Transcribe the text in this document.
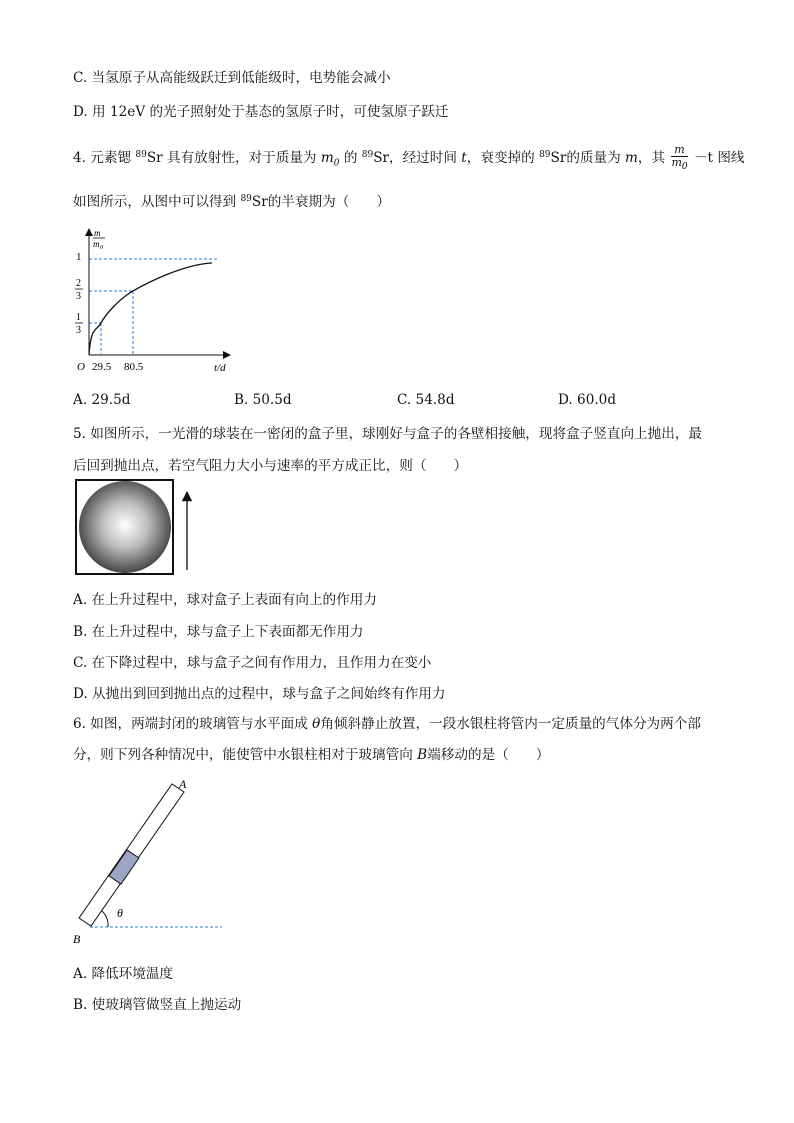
C. 当氢原子从高能级跃迁到低能级时，电势能会减小
D. 用 12eV 的光子照射处于基态的氢原子时，可使氢原子跃迁
4. 元素锶 $^{89}$Sr 具有放射性，对于质量为 $m_0$ 的 $^{89}$Sr，经过时间 t，衰变掉的 $^{89}$Sr的质量为 m，其 $\frac{m}{m_0} -t$ 图线
如图所示，从图中可以得到 $^{89}$Sr的半衰期为（　　）
m
m 0
1
2
3
1
3
O 29.5 80.5	t/d
A. 29.5d	B. 50.5d	C. 54.8d	D. 60.0d
5. 如图所示，一光滑的球装在一密闭的盒子里，球刚好与盒子的各壁相接触，现将盒子竖直向上抛出，最
后回到抛出点，若空气阻力大小与速率的平方成正比，则（　　）
A. 在上升过程中，球对盒子上表面有向上的作用力
B. 在上升过程中，球与盒子上下表面都无作用力
C. 在下降过程中，球与盒子之间有作用力，且作用力在变小
D. 从抛出到回到抛出点的过程中，球与盒子之间始终有作用力
6. 如图，两端封闭的玻璃管与水平面成 θ角倾斜静止放置，一段水银柱将管内一定质量的气体分为两个部
分，则下列各种情况中，能使管中水银柱相对于玻璃管向 B端移动的是（　　）
θ
A
B
A. 降低环境温度
B. 使玻璃管做竖直上抛运动
